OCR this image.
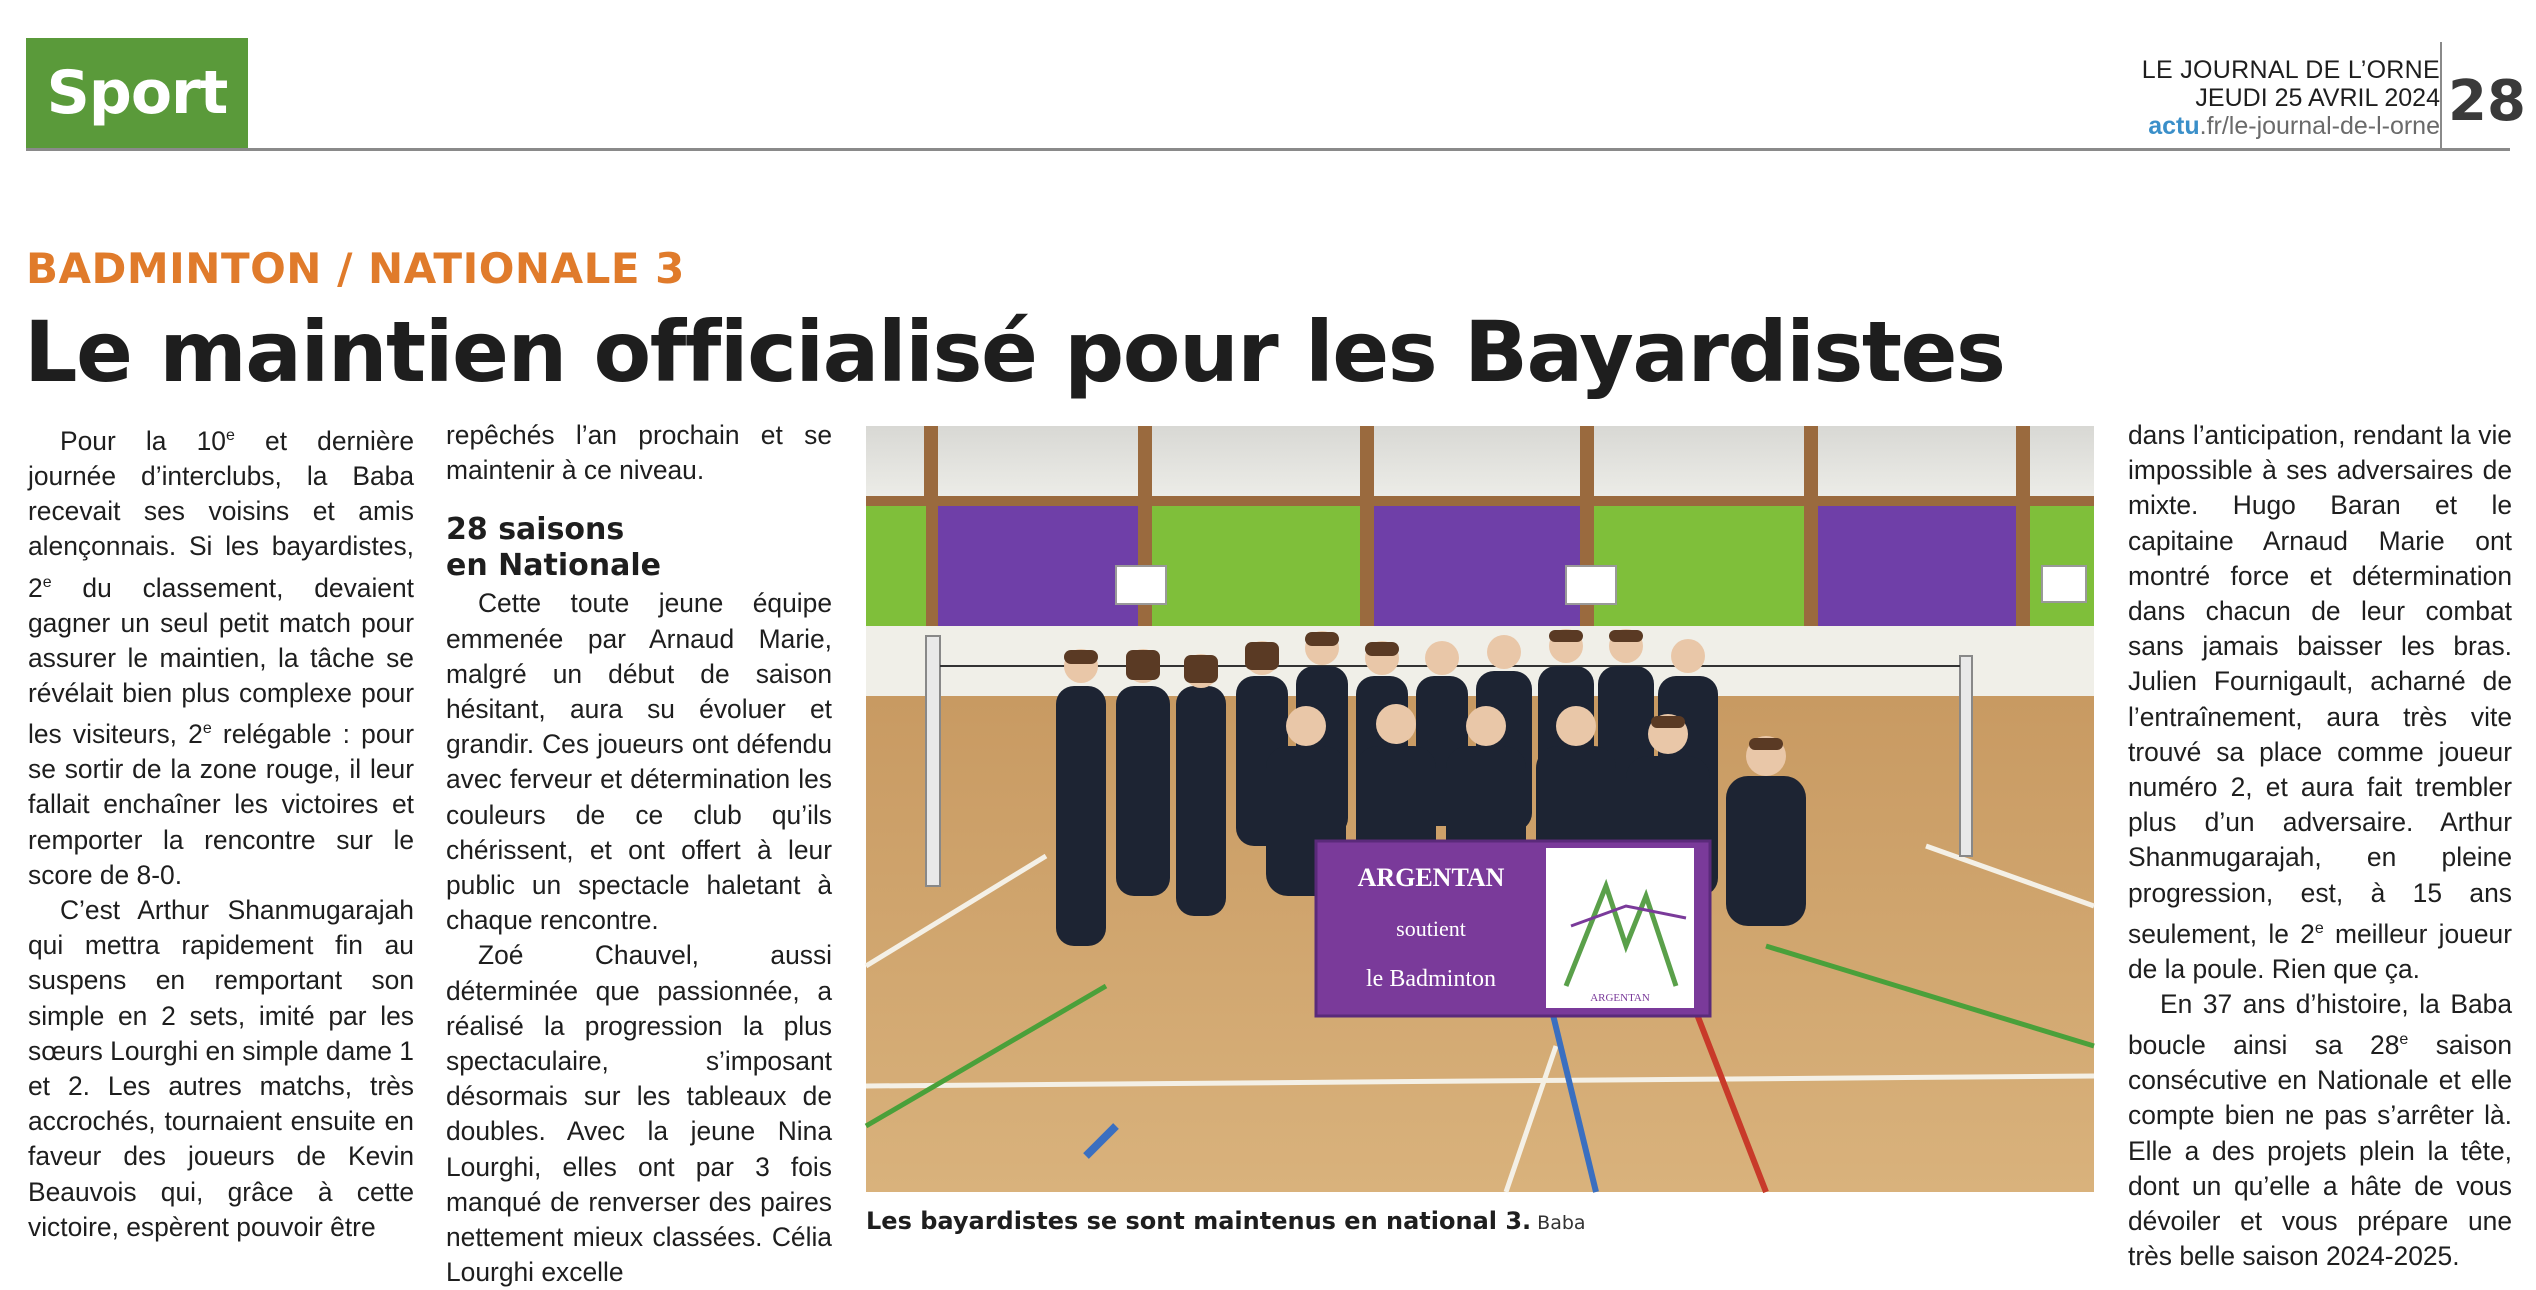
Sport	LE JOURNAL DE L’ORNE
JEUDI 25 AVRIL 2024
actu.fr/le-journal-de-l-orne 28
BADMINTON / NATIONALE 3
Le maintien officialisé pour les Bayardistes

Pour la 10e et dernière journée d’interclubs, la Baba recevait ses voisins et amis alençonnais. Si les bayardistes, 2e du classement, devaient gagner un seul petit match pour assurer le maintien, la tâche se révélait bien plus complexe pour les visiteurs, 2e relégable : pour se sortir de la zone rouge, il leur fallait enchaîner les victoires et remporter la rencontre sur le score de 8-0.

C’est Arthur Shanmugarajah qui mettra rapidement fin au suspens en remportant son simple en 2 sets, imité par les sœurs Lourghi en simple dame 1 et 2. Les autres matchs, très accrochés, tournaient ensuite en faveur des joueurs de Kevin Beauvois qui, grâce à cette victoire, espèrent pouvoir être

repêchés l’an prochain et se maintenir à ce niveau.

28 saisons
en Nationale

Cette toute jeune équipe emmenée par Arnaud Marie, malgré un début de saison hésitant, aura su évoluer et grandir. Ces joueurs ont défendu avec ferveur et détermination les couleurs de ce club qu’ils chérissent, et ont offert à leur public un spectacle haletant à chaque rencontre.

Zoé Chauvel, aussi déterminée que passionnée, a réalisé la progression la plus spectaculaire, s’imposant désormais sur les tableaux de doubles. Avec la jeune Nina Lourghi, elles ont par 3 fois manqué de renverser des paires nettement mieux classées. Célia Lourghi excelle

ARGENTAN
soutient
le Badminton
ARGENTAN
Les bayardistes se sont maintenus en national 3. Baba

dans l’anticipation, rendant la vie impossible à ses adversaires de mixte. Hugo Baran et le capitaine Arnaud Marie ont montré force et détermination dans chacun de leur combat sans jamais baisser les bras. Julien Fournigault, acharné de l’entraînement, aura très vite trouvé sa place comme joueur numéro 2, et aura fait trembler plus d’un adversaire. Arthur Shanmugarajah, en pleine progression, est, à 15 ans seulement, le 2e meilleur joueur de la poule. Rien que ça.

En 37 ans d’histoire, la Baba boucle ainsi sa 28e saison consécutive en Nationale et elle compte bien ne pas s’arrêter là. Elle a des projets plein la tête, dont un qu’elle a hâte de vous dévoiler et vous prépare une très belle saison 2024-2025.
